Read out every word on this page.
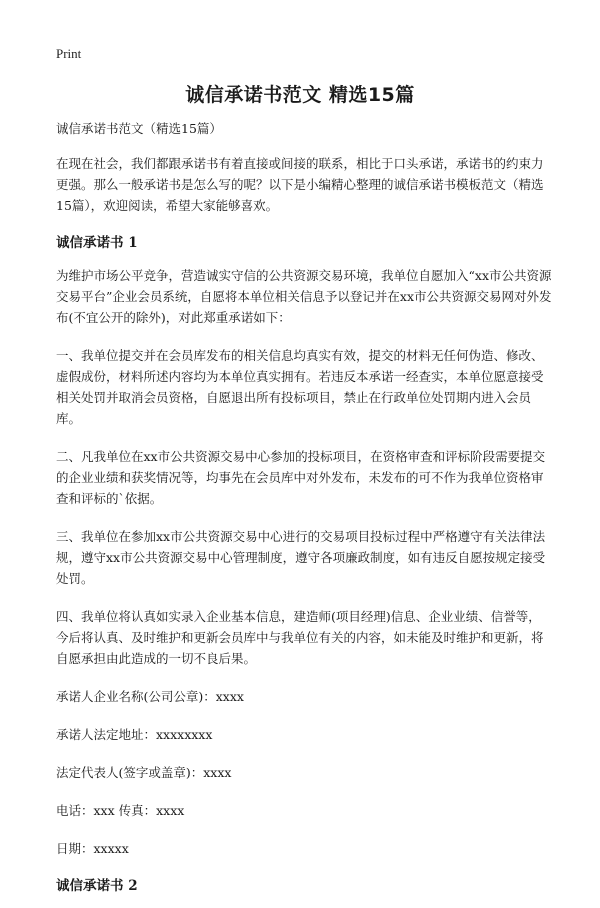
Print
诚信承诺书范文 精选15篇

诚信承诺书范文（精选15篇）

在现在社会，我们都跟承诺书有着直接或间接的联系，相比于口头承诺，承诺书的约束力更强。那么一般承诺书是怎么写的呢？以下是小编精心整理的诚信承诺书模板范文（精选15篇），欢迎阅读，希望大家能够喜欢。

诚信承诺书 1

为维护市场公平竞争，营造诚实守信的公共资源交易环境，我单位自愿加入“xx市公共资源交易平台”企业会员系统，自愿将本单位相关信息予以登记并在xx市公共资源交易网对外发布(不宜公开的除外)，对此郑重承诺如下：

一、我单位提交并在会员库发布的相关信息均真实有效，提交的材料无任何伪造、修改、虚假成份，材料所述内容均为本单位真实拥有。若违反本承诺一经查实，本单位愿意接受相关处罚并取消会员资格，自愿退出所有投标项目，禁止在行政单位处罚期内进入会员库。

二、凡我单位在xx市公共资源交易中心参加的投标项目，在资格审查和评标阶段需要提交的企业业绩和获奖情况等，均事先在会员库中对外发布，未发布的可不作为我单位资格审查和评标的`依据。

三、我单位在参加xx市公共资源交易中心进行的交易项目投标过程中严格遵守有关法律法规，遵守xx市公共资源交易中心管理制度，遵守各项廉政制度，如有违反自愿按规定接受处罚。

四、我单位将认真如实录入企业基本信息，建造师(项目经理)信息、企业业绩、信誉等，今后将认真、及时维护和更新会员库中与我单位有关的内容，如未能及时维护和更新，将自愿承担由此造成的一切不良后果。

承诺人企业名称(公司公章)：xxxx

承诺人法定地址：xxxxxxxx

法定代表人(签字或盖章)：xxxx

电话：xxx 传真：xxxx

日期：xxxxx

诚信承诺书 2
